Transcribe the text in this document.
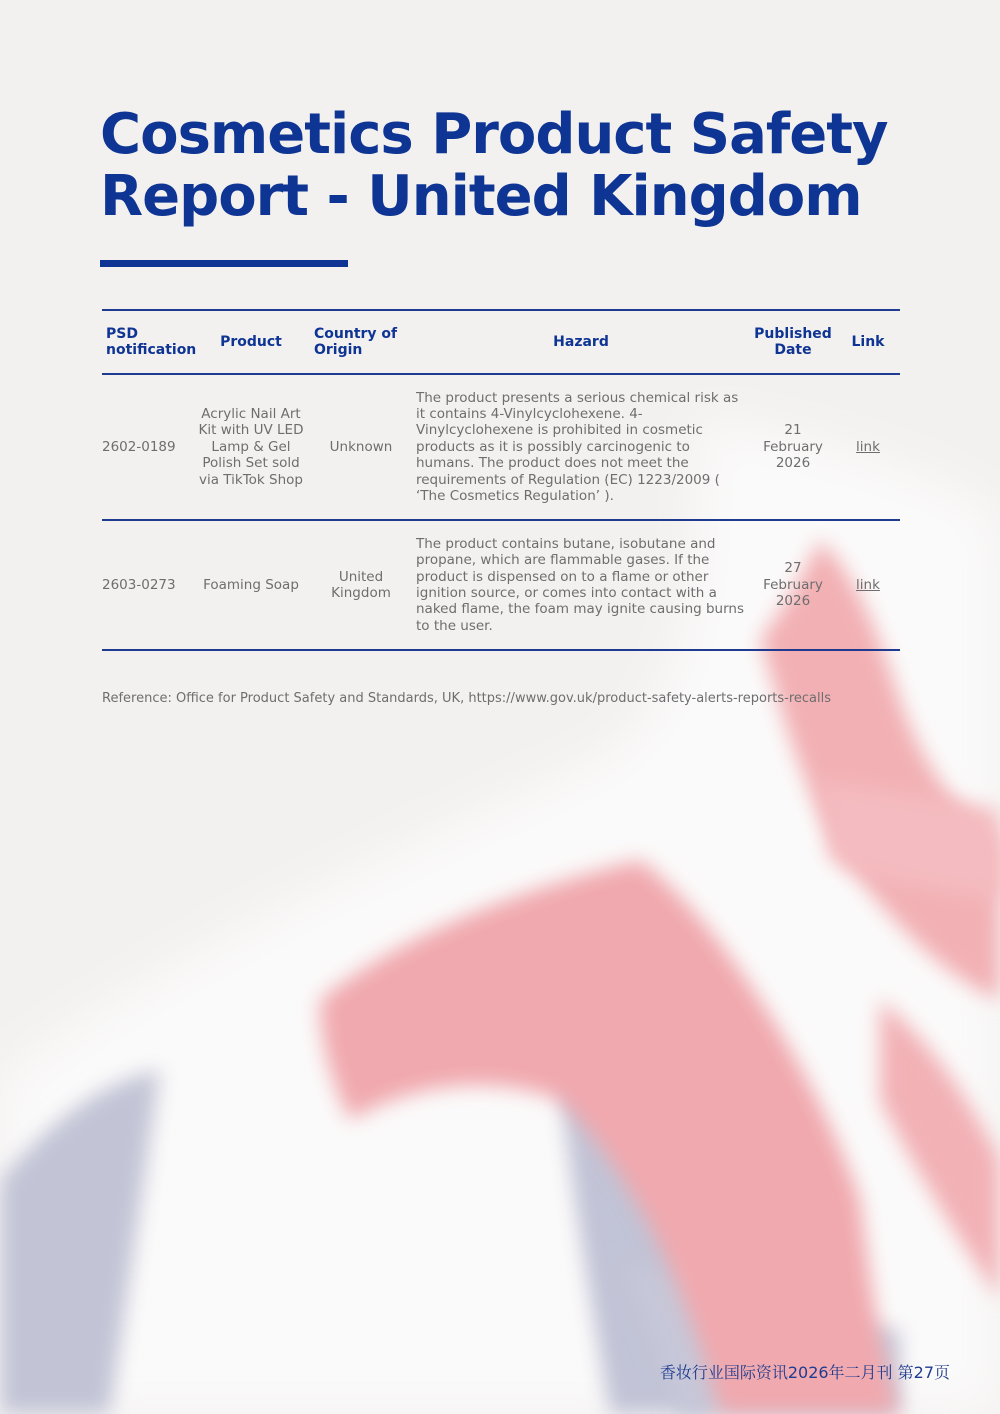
Cosmetics Product Safety Report - United Kingdom
PSD notification	Product	Country of Origin	Hazard	Published Date	Link
2602-0189	Acrylic Nail Art Kit with UV LED Lamp & Gel Polish Set sold via TikTok Shop	Unknown	The product presents a serious chemical risk as it contains 4-Vinylcyclohexene. 4-Vinylcyclohexene is prohibited in cosmetic products as it is possibly carcinogenic to humans. The product does not meet the requirements of Regulation (EC) 1223/2009 ( ‘The Cosmetics Regulation’ ).	21 February 2026	link
2603-0273	Foaming Soap	United Kingdom	The product contains butane, isobutane and propane, which are flammable gases. If the product is dispensed on to a flame or other ignition source, or comes into contact with a naked flame, the foam may ignite causing burns to the user.	27 February 2026	link

Reference: Office for Product Safety and Standards, UK, https://www.gov.uk/product-safety-alerts-reports-recalls

香妆行业国际资讯2026年二月刊 第27页
